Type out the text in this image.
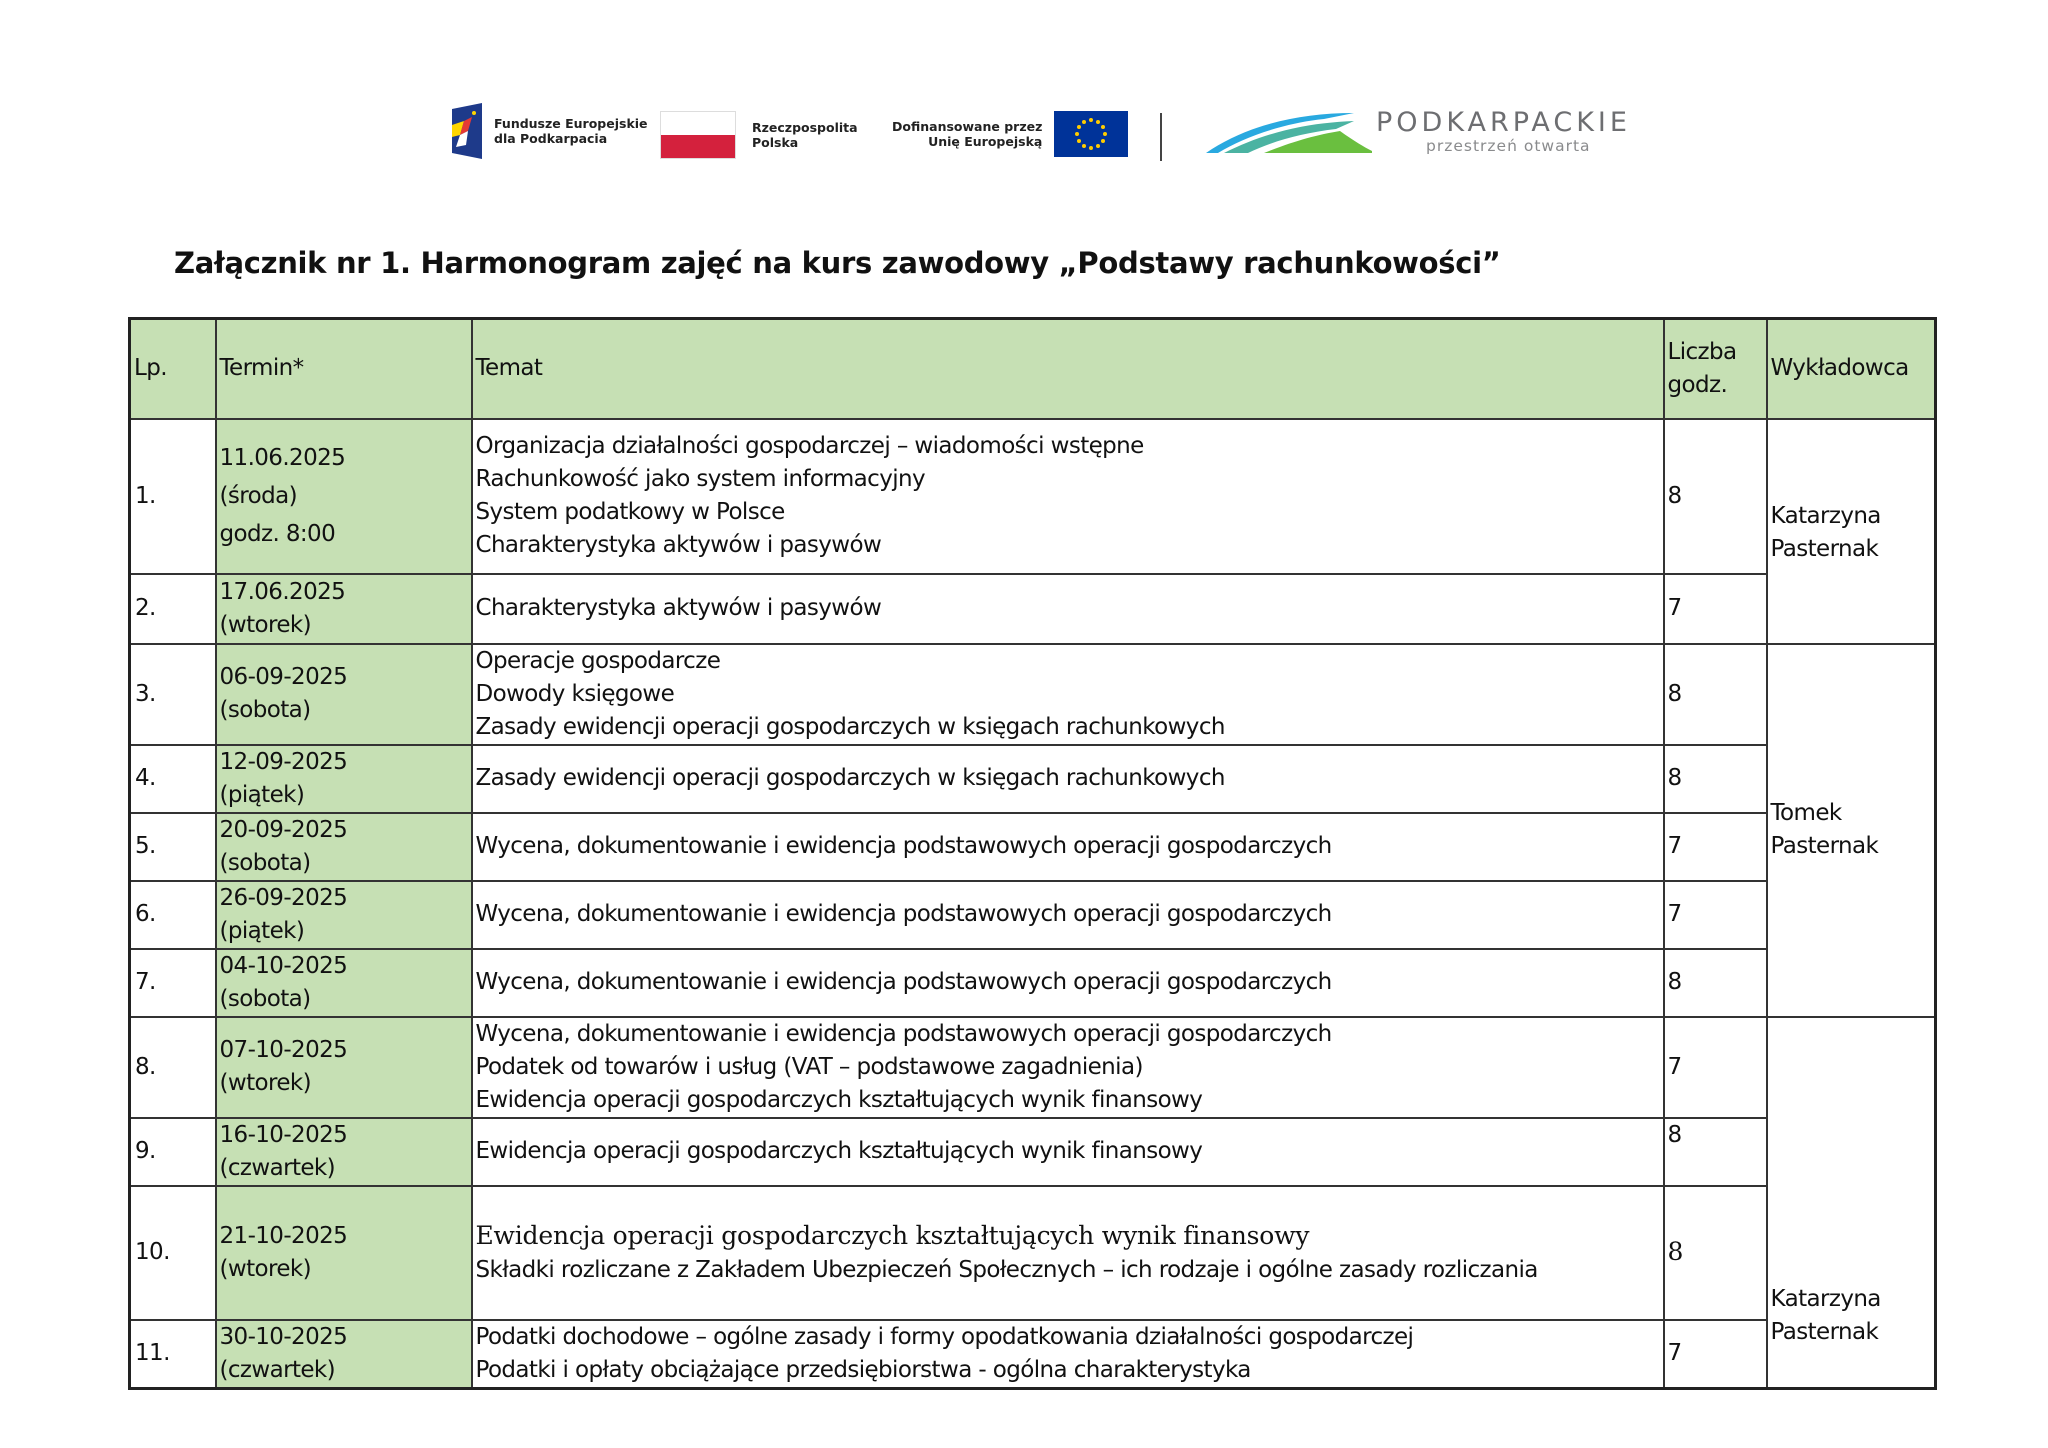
Fundusze Europejskie
dla Podkarpacia
Rzeczpospolita
Polska
Dofinansowane przez
Unię Europejską
PODKARPACKIE
przestrzeń otwarta
Załącznik nr 1. Harmonogram zajęć na kurs zawodowy „Podstawy rachunkowości”
Lp.	Termin*	Temat	Liczba
godz.	Wykładowca
1.	11.06.2025
(środa)
godz. 8:00	Organizacja działalności gospodarczej – wiadomości wstępne
Rachunkowość jako system informacyjny
System podatkowy w Polsce
Charakterystyka aktywów i pasywów	8	Katarzyna
Pasternak
2.	17.06.2025
(wtorek)	Charakterystyka aktywów i pasywów	7	
3.	06-09-2025
(sobota)	Operacje gospodarcze
Dowody księgowe
Zasady ewidencji operacji gospodarczych w księgach rachunkowych	8	Tomek
Pasternak
4.	12-09-2025
(piątek)	Zasady ewidencji operacji gospodarczych w księgach rachunkowych	8	
5.	20-09-2025
(sobota)	Wycena, dokumentowanie i ewidencja podstawowych operacji gospodarczych	7	
6.	26-09-2025
(piątek)	Wycena, dokumentowanie i ewidencja podstawowych operacji gospodarczych	7	
7.	04-10-2025
(sobota)	Wycena, dokumentowanie i ewidencja podstawowych operacji gospodarczych	8	
8.	07-10-2025
(wtorek)	Wycena, dokumentowanie i ewidencja podstawowych operacji gospodarczych
Podatek od towarów i usług (VAT – podstawowe zagadnienia)
Ewidencja operacji gospodarczych kształtujących wynik finansowy	7	Katarzyna
Pasternak
9.	16-10-2025
(czwartek)	Ewidencja operacji gospodarczych kształtujących wynik finansowy	8	
10.	21-10-2025
(wtorek)	Ewidencja operacji gospodarczych kształtujących wynik finansowy
Składki rozliczane z Zakładem Ubezpieczeń Społecznych – ich rodzaje i ogólne zasady rozliczania	8	
11.	30-10-2025
(czwartek)	Podatki dochodowe – ogólne zasady i formy opodatkowania działalności gospodarczej
Podatki i opłaty obciążające przedsiębiorstwa - ogólna charakterystyka	7	
